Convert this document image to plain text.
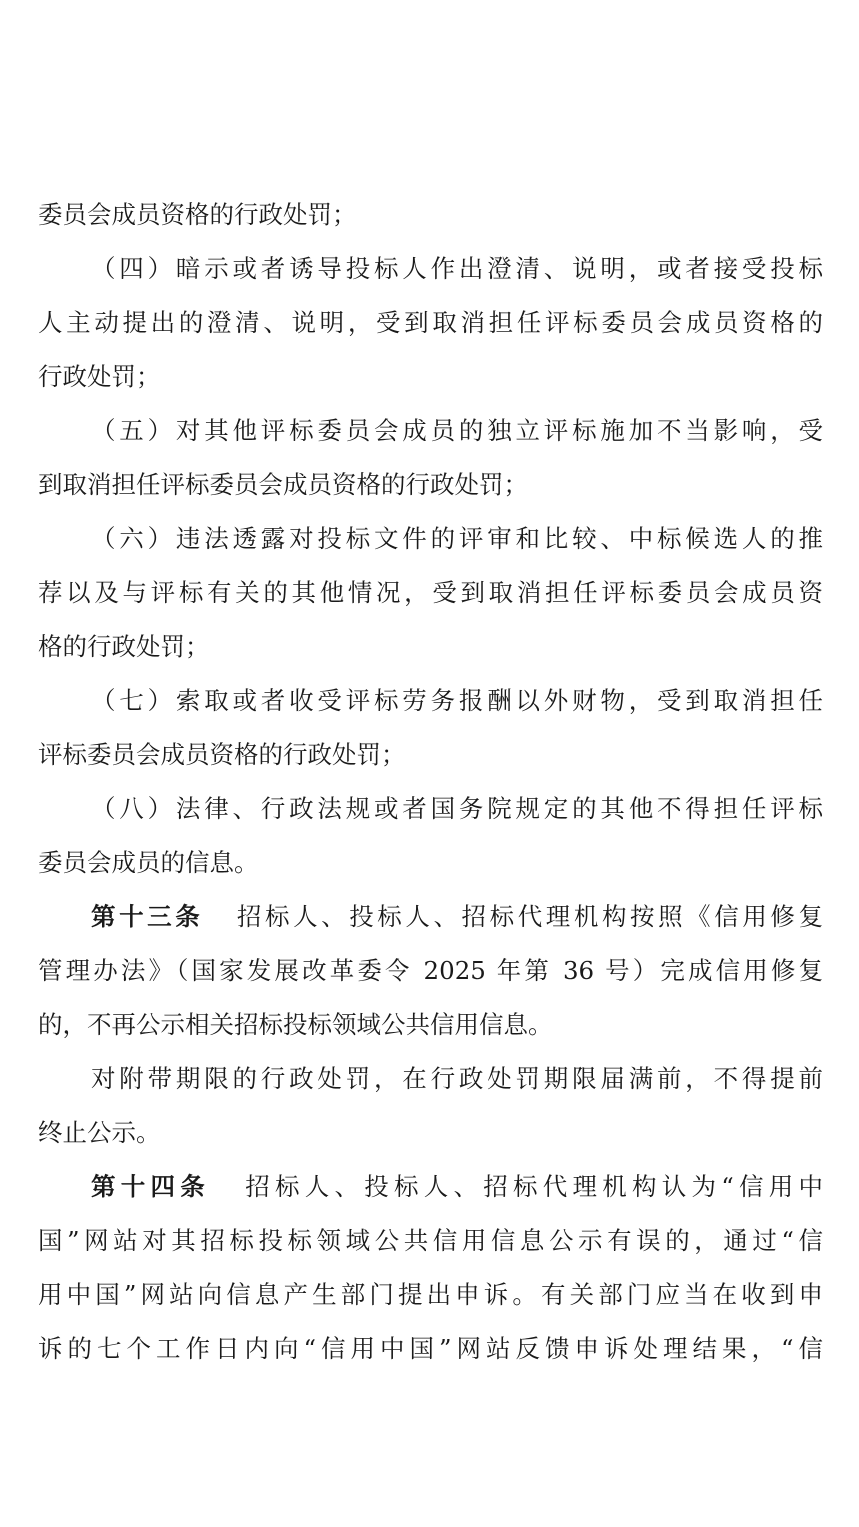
委员会成员资格的行政处罚；
（四）暗示或者诱导投标人作出澄清、说明，或者接受投标
人主动提出的澄清、说明，受到取消担任评标委员会成员资格的
行政处罚；
（五）对其他评标委员会成员的独立评标施加不当影响，受
到取消担任评标委员会成员资格的行政处罚；
（六）违法透露对投标文件的评审和比较、中标候选人的推
荐以及与评标有关的其他情况，受到取消担任评标委员会成员资
格的行政处罚；
（七）索取或者收受评标劳务报酬以外财物，受到取消担任
评标委员会成员资格的行政处罚；
（八）法律、行政法规或者国务院规定的其他不得担任评标
委员会成员的信息。
第十三条 招标人、投标人、招标代理机构按照《信用修复
管理办法》（国家发展改革委令 2025 年第 36 号）完成信用修复
的，不再公示相关招标投标领域公共信用信息。
对附带期限的行政处罚，在行政处罚期限届满前，不得提前
终止公示。
第十四条 招标人、投标人、招标代理机构认为“信用中
国”网站对其招标投标领域公共信用信息公示有误的，通过“信
用中国”网站向信息产生部门提出申诉。有关部门应当在收到申
诉的七个工作日内向“信用中国”网站反馈申诉处理结果，“信
